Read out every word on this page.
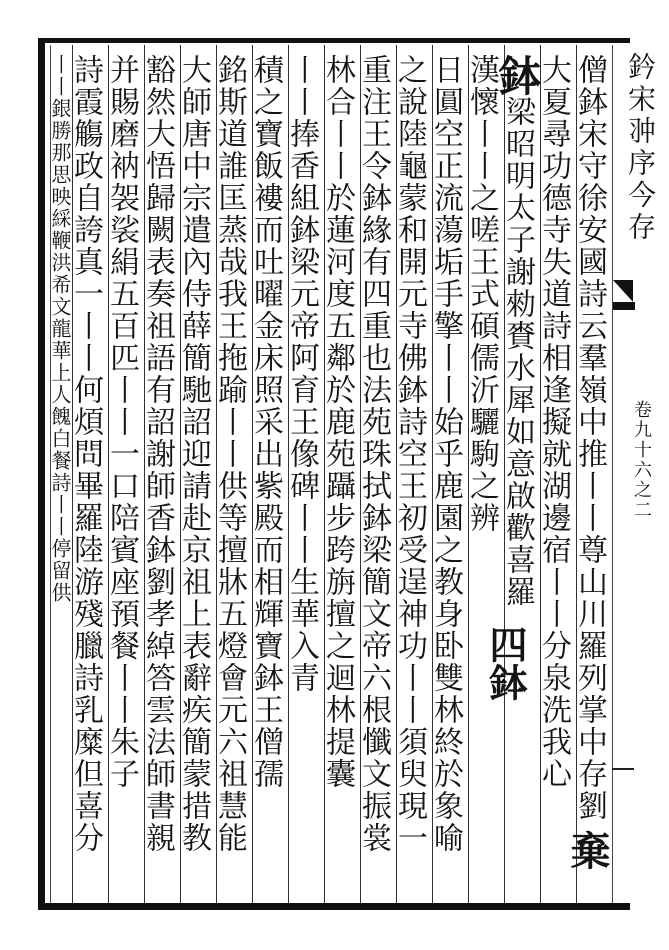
鈐宋𠁨序今存
卷九十六之二
僧鉢宋守徐安國詩云羣嶺中推丨丨尊山川羅列掌中存劉
大夏尋功德寺失道詩相逢擬就湖邊宿丨丨分泉洗我心
鉢梁昭明太子謝勑賚水犀如意啟歡喜羅
漢懷丨丨之嗟王式碩儒沂驪駒之辨
日圓空正流蕩垢手擎丨丨始乎鹿園之教身卧雙林終於象喻
之說陸龜蒙和開元寺佛鉢詩空王初受逞神功丨丨須臾現一
重注王令鉢緣有四重也法苑珠拭鉢梁簡文帝六根懺文振裳
林合丨丨於蓮河度五鄰於鹿苑躡步跨旃擅之迴林提囊
丨丨捧香組鉢梁元帝阿育王像碑丨丨生華入青
積之寶飯褸而吐曜金床照采出紫殿而相輝寶鉢王僧孺
銘斯道誰匡蒸哉我王拖踰丨丨供等擅牀五燈會元六祖慧能
大師唐中宗遣內侍薛簡馳詔迎請赴京祖上表辭疾簡蒙措教
豁然大悟歸闕表奏祖語有詔謝師香鉢劉孝綽答雲法師書親
并賜磨衲袈裟絹五百匹丨丨一口陪賓座預餐丨丨朱子
詩霞觴政自誇真一丨丨何煩問畢羅陸游殘臘詩乳糜但喜分
丨丨銀勝那思映綵鞭洪希文龍華上人餽白餐詩丨丨停留供
棄
四鉢
